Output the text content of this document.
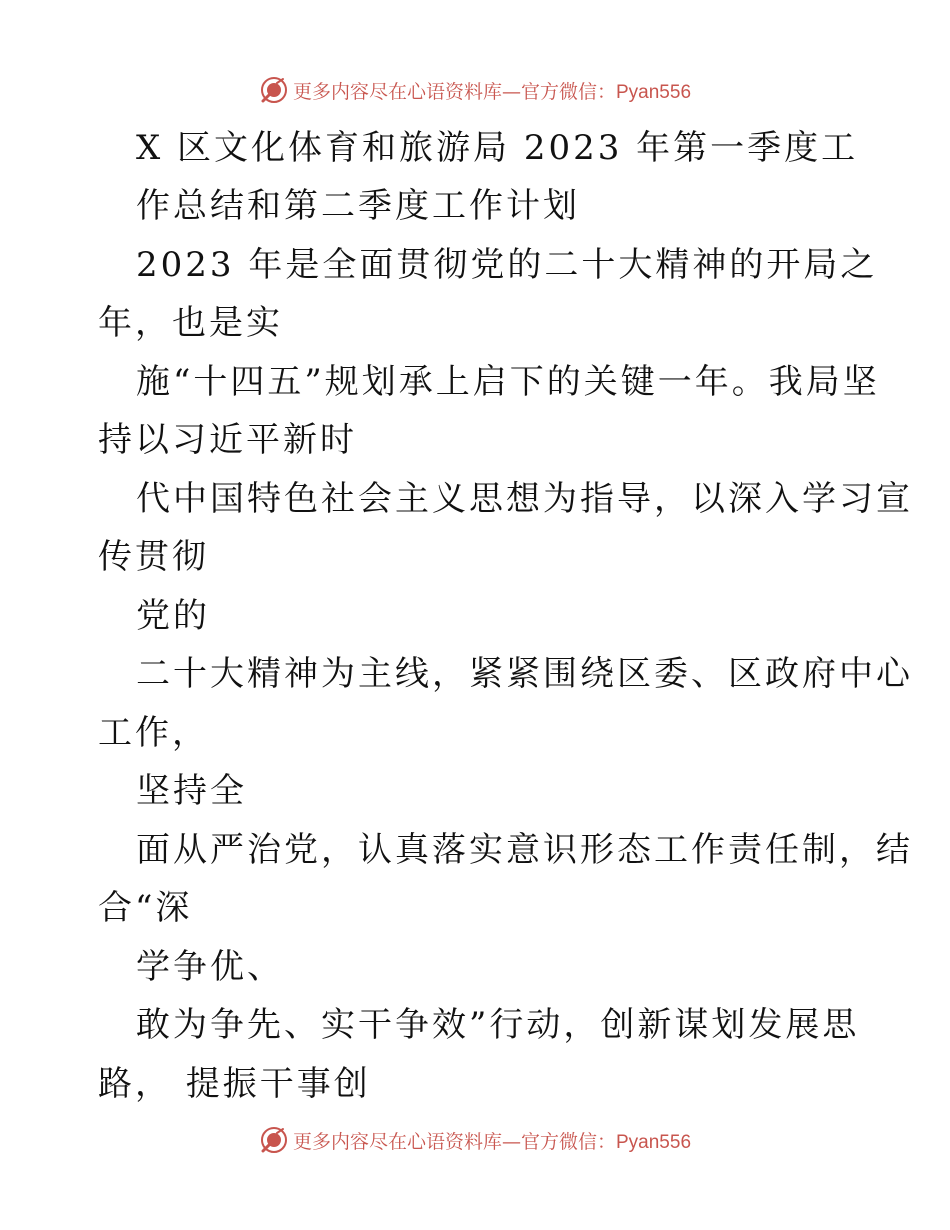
更多内容尽在心语资料库—官方微信：Pyan556
X 区文化体育和旅游局 2023 年第一季度工
作总结和第二季度工作计划
2023 年是全面贯彻党的二十大精神的开局之
年，也是实
施“十四五”规划承上启下的关键一年。我局坚
持以习近平新时
代中国特色社会主义思想为指导，以深入学习宣
传贯彻
党的
二十大精神为主线，紧紧围绕区委、区政府中心
工作，
坚持全
面从严治党，认真落实意识形态工作责任制，结
合“深
学争优、
敢为争先、实干争效”行动，创新谋划发展思
路， 提振干事创
更多内容尽在心语资料库—官方微信：Pyan556
